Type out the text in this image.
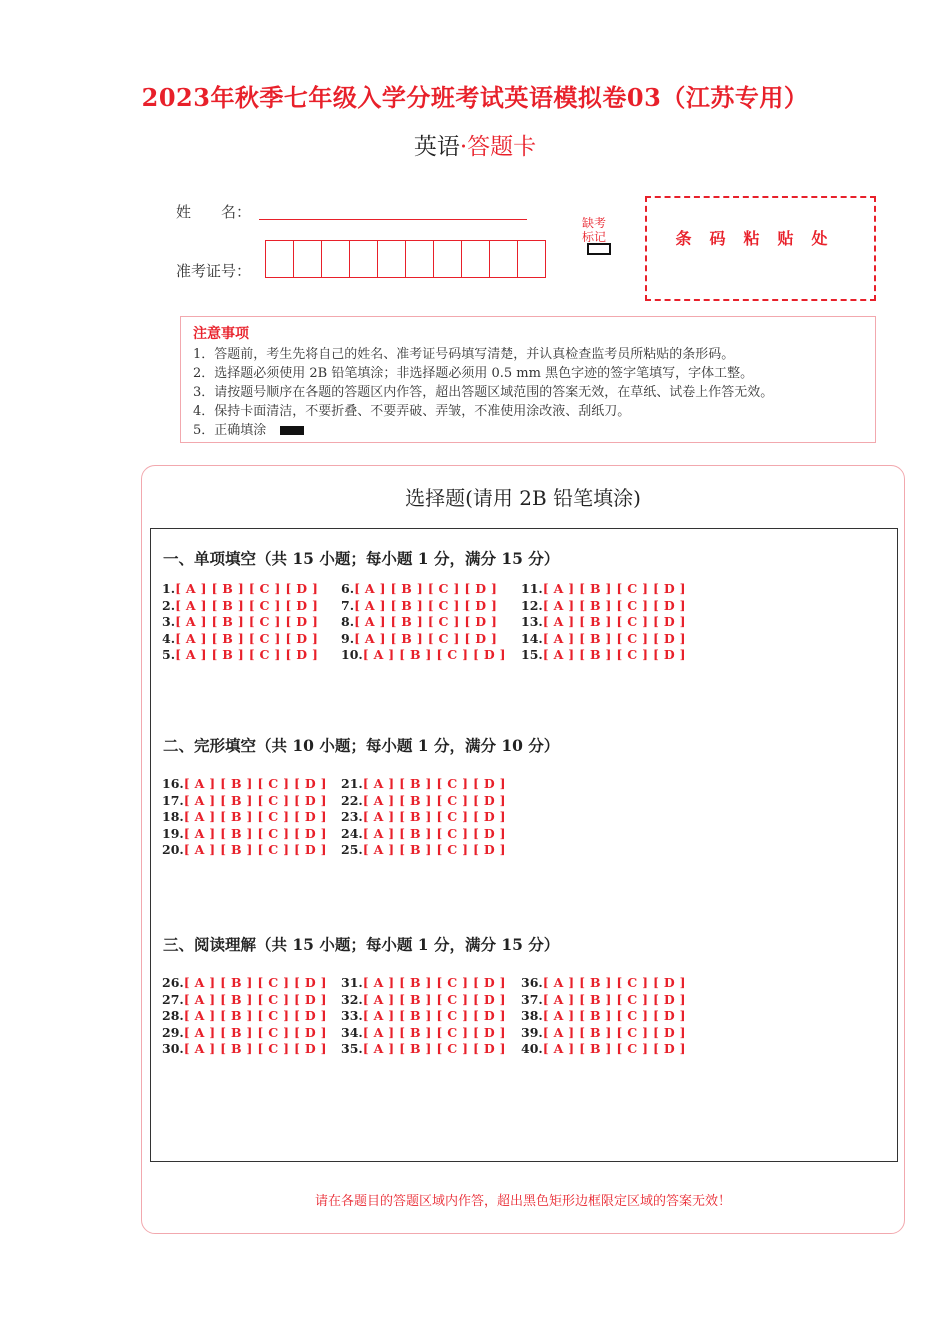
2023年秋季七年级入学分班考试英语模拟卷03（江苏专用）
英语·答题卡
姓　　名：
准考证号：
缺考标记	条码粘贴处
注意事项
1．答题前，考生先将自己的姓名、准考证号码填写清楚，并认真检查监考员所粘贴的条形码。
2．选择题必须使用 2B 铅笔填涂；非选择题必须用 0.5 mm 黑色字迹的签字笔填写，字体工整。
3．请按题号顺序在各题的答题区内作答，超出答题区域范围的答案无效，在草纸、试卷上作答无效。
4．保持卡面清洁，不要折叠、不要弄破、弄皱，不准使用涂改液、刮纸刀。
5．正确填涂
选择题(请用 2B 铅笔填涂)
一、单项填空（共 15 小题；每小题 1 分，满分 15 分）
1.[ A ] [ B ] [ C ] [ D ]
2.[ A ] [ B ] [ C ] [ D ]
3.[ A ] [ B ] [ C ] [ D ]
4.[ A ] [ B ] [ C ] [ D ]
5.[ A ] [ B ] [ C ] [ D ]
6.[ A ] [ B ] [ C ] [ D ]
7.[ A ] [ B ] [ C ] [ D ]
8.[ A ] [ B ] [ C ] [ D ]
9.[ A ] [ B ] [ C ] [ D ]
10.[ A ] [ B ] [ C ] [ D ]
11.[ A ] [ B ] [ C ] [ D ]
12.[ A ] [ B ] [ C ] [ D ]
13.[ A ] [ B ] [ C ] [ D ]
14.[ A ] [ B ] [ C ] [ D ]
15.[ A ] [ B ] [ C ] [ D ]
二、完形填空（共 10 小题；每小题 1 分，满分 10 分）
16.[ A ] [ B ] [ C ] [ D ]
17.[ A ] [ B ] [ C ] [ D ]
18.[ A ] [ B ] [ C ] [ D ]
19.[ A ] [ B ] [ C ] [ D ]
20.[ A ] [ B ] [ C ] [ D ]
21.[ A ] [ B ] [ C ] [ D ]
22.[ A ] [ B ] [ C ] [ D ]
23.[ A ] [ B ] [ C ] [ D ]
24.[ A ] [ B ] [ C ] [ D ]
25.[ A ] [ B ] [ C ] [ D ]
三、阅读理解（共 15 小题；每小题 1 分，满分 15 分）
26.[ A ] [ B ] [ C ] [ D ]
27.[ A ] [ B ] [ C ] [ D ]
28.[ A ] [ B ] [ C ] [ D ]
29.[ A ] [ B ] [ C ] [ D ]
30.[ A ] [ B ] [ C ] [ D ]
31.[ A ] [ B ] [ C ] [ D ]
32.[ A ] [ B ] [ C ] [ D ]
33.[ A ] [ B ] [ C ] [ D ]
34.[ A ] [ B ] [ C ] [ D ]
35.[ A ] [ B ] [ C ] [ D ]
36.[ A ] [ B ] [ C ] [ D ]
37.[ A ] [ B ] [ C ] [ D ]
38.[ A ] [ B ] [ C ] [ D ]
39.[ A ] [ B ] [ C ] [ D ]
40.[ A ] [ B ] [ C ] [ D ]
请在各题目的答题区域内作答，超出黑色矩形边框限定区域的答案无效！
